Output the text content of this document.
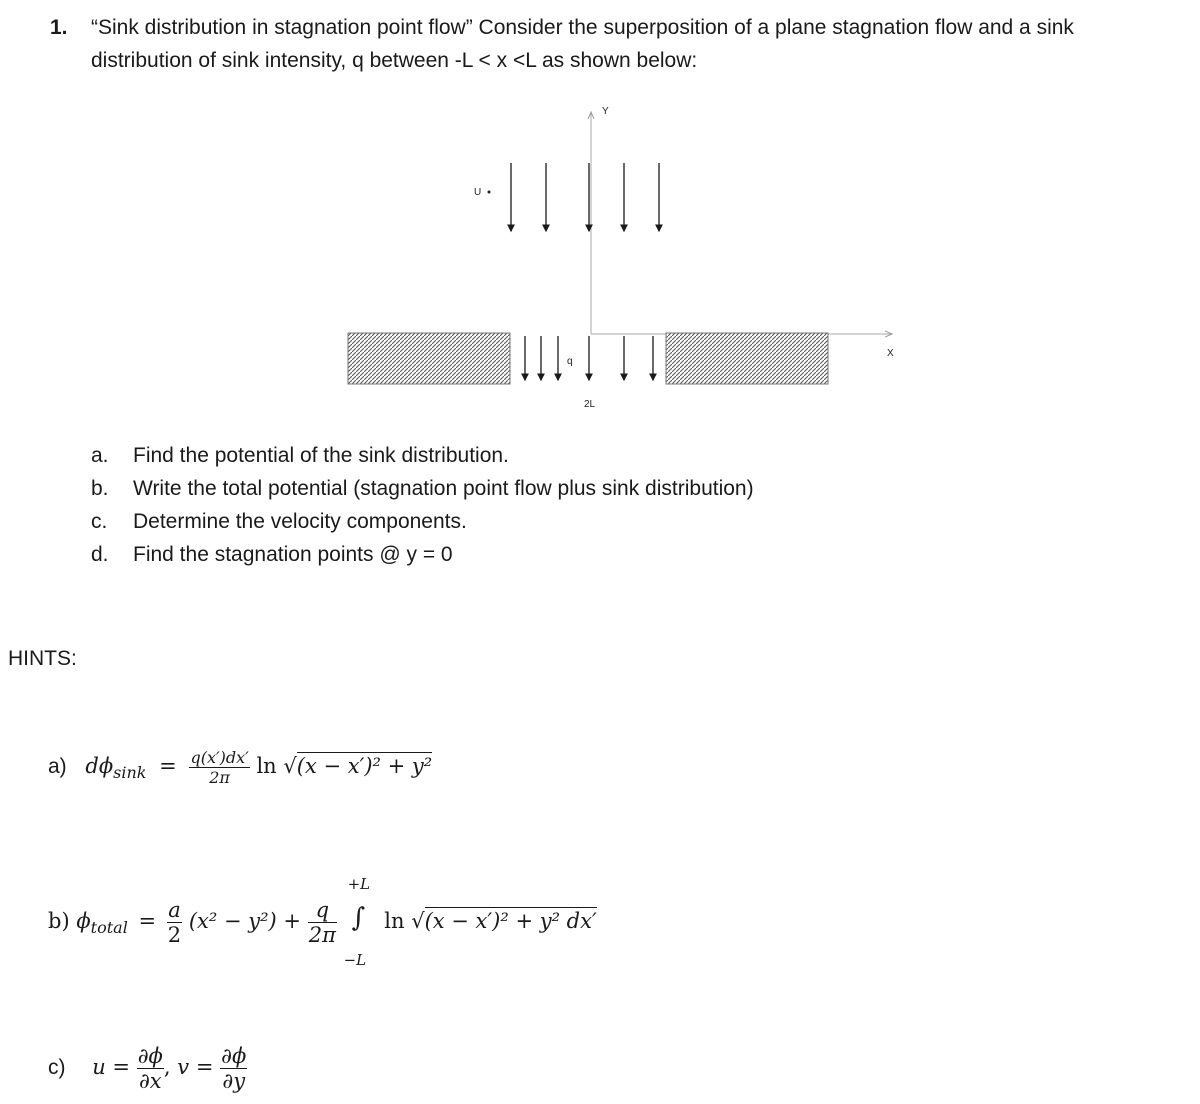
1. “Sink distribution in stagnation point flow” Consider the superposition of a plane stagnation flow and a sink
distribution of sink intensity, q between -L < x <L as shown below:
Y
X
U
q
2L
a. Find the potential of the sink distribution.
b. Write the total potential (stagnation point flow plus sink distribution)
c. Determine the velocity components.
d. Find the stagnation points @ y = 0
HINTS:
a) $d\phi_{sink} = \frac{q(x')dx'}{2\pi}$ ln √(x − x′)² + y²
b) $\phi_{total} = \frac{a}{2} (x^2 - y^2) + \frac{q}{2\pi}$

+L
∫
−L
ln √(x − x′)² + y² dx′
c) $u = \frac{\partial\phi}{\partial x}$ , $v = \frac{\partial\phi}{\partial y}$
